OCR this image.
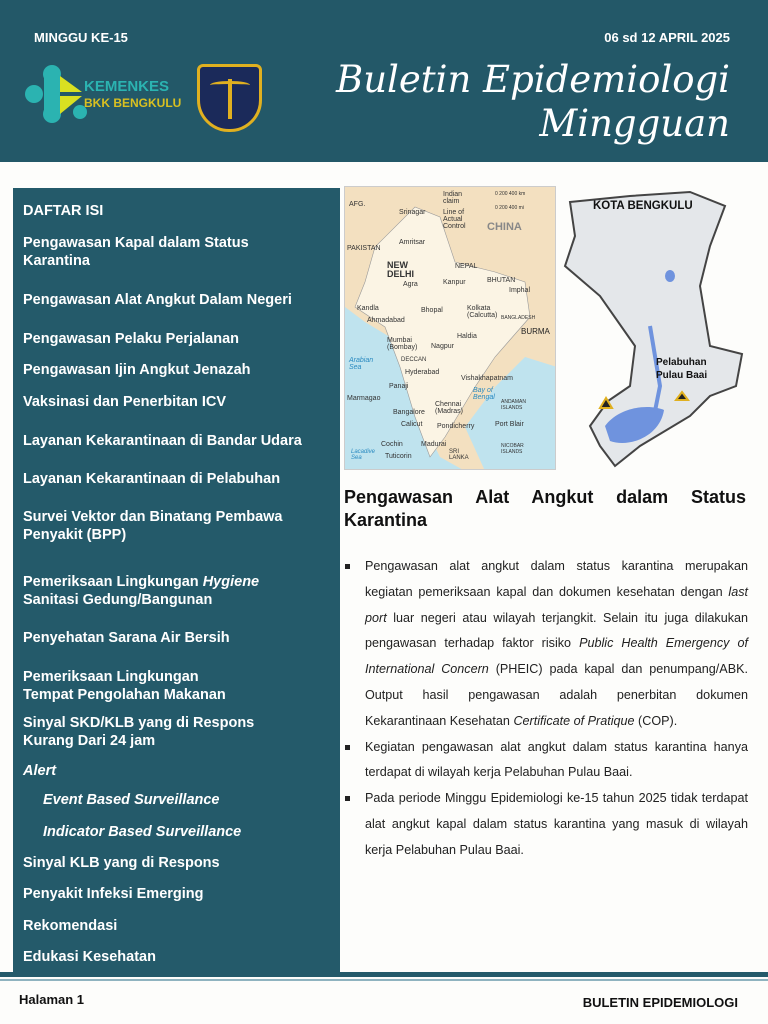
MINGGU KE-15	06 sd 12 APRIL 2025
KEMENKES
BKK BENGKULU
Buletin Epidemiologi
Mingguan
DAFTAR ISI
Pengawasan Kapal dalam Status Karantina
Pengawasan Alat Angkut Dalam Negeri
Pengawasan Pelaku Perjalanan
Pengawasan Ijin Angkut Jenazah
Vaksinasi dan Penerbitan ICV
Layanan Kekarantinaan di Bandar Udara
Layanan Kekarantinaan di Pelabuhan
Survei Vektor dan Binatang Pembawa Penyakit (BPP)
Pemeriksaan Lingkungan Hygiene
Sanitasi Gedung/Bangunan
Penyehatan Sarana Air Bersih
Pemeriksaan Lingkungan Tempat Pengolahan Makanan
Sinyal SKD/KLB yang di Respons Kurang Dari 24 jam
Alert
Event Based Surveillance
Indicator Based Surveillance
Sinyal KLB yang di Respons
Penyakit Infeksi Emerging
Rekomendasi
Edukasi Kesehatan
AFG.
Indian claim
Line of Actual Control	CHINA
PAKISTAN
NEW DELHI
Srinagar
Amritsar
Agra	Kanpur
NEPAL
BHUTAN
Imphal
Kandla
Ahmadabad
Bhopal	Kolkata (Calcutta) BANGLADESH
BURMA
Haldia
Mumbai (Bombay)	Nagpur
DECCAN
Arabian Sea
Hyderabad
Vishakhapatnam
Panaji
Marmagao
Bay of Bengal
Bangalore
Chennai (Madras)
ANDAMAN ISLANDS
Pondicherry
Calicut	Port Blair
Cochin	Madurai
Lacadive Sea	Tuticorin
SRI LANKA
NICOBAR ISLANDS
0 200 400 km
0 200 400 mi	KOTA BENGKULU
Pelabuhan Pulau Baai
Pengawasan Alat Angkut dalam Status Karantina
Pengawasan alat angkut dalam status karantina merupakan kegiatan pemeriksaan kapal dan dokumen kesehatan dengan last port luar negeri atau wilayah terjangkit. Selain itu juga dilakukan pengawasan terhadap faktor risiko Public Health Emergency of International Concern (PHEIC) pada kapal dan penumpang/ABK. Output hasil pengawasan adalah penerbitan dokumen Kekarantinaan Kesehatan Certificate of Pratique (COP).
Kegiatan pengawasan alat angkut dalam status karantina hanya terdapat di wilayah kerja Pelabuhan Pulau Baai.
Pada periode Minggu Epidemiologi ke-15 tahun 2025 tidak terdapat alat angkut kapal dalam status karantina yang masuk di wilayah kerja Pelabuhan Pulau Baai.
Halaman 1	BULETIN EPIDEMIOLOGI
